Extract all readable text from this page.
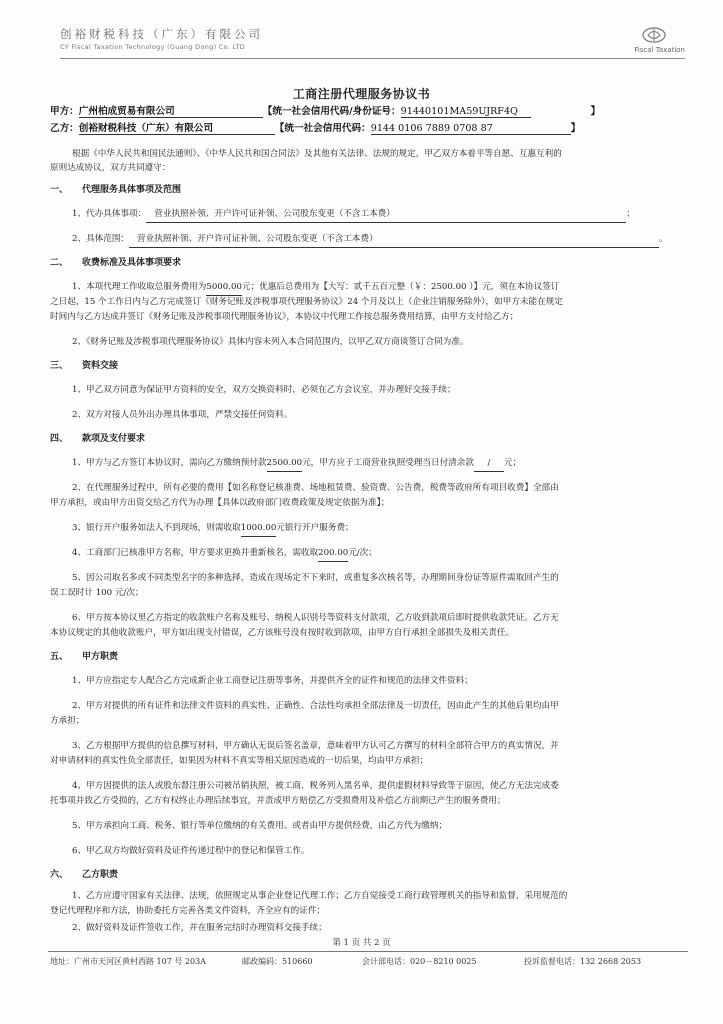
创裕财税科技（广东）有限公司
CY Fiscal Taxation Technology (Guang Dong) Co. LTD	Fiscal Taxation
工商注册代理服务协议书
甲方：广州柏成贸易有限公司	【统一社会信用代码/身份证号：91440101MA59UJRF4Q	】
乙方：创裕财税科技（广东）有限公司	【统一社会信用代码：9144 0106 7889 0708 87	】
根据《中华人民共和国民法通则》、《中华人民共和国合同法》及其他有关法律、法规的规定，甲乙双方本着平等自愿、互惠互利的
原则达成协议，双方共同遵守：
一、 代理服务具体事项及范围
1、代办具体事项： 营业执照补领、开户许可证补领、公司股东变更（不含工本费）	；
2、具体范围： 营业执照补领、开户许可证补领、公司股东变更（不含工本费）	。
二、 收费标准及具体事项要求
1、本项代理工作收取总服务费用为5000.00元；优惠后总费用为【大写：贰千五百元整（￥：2500.00 ）】元，须在本协议签订
之日起，15 个工作日内与乙方完成签订《财务记账及涉税事项代理服务协议》24 个月及以上（企业注销服务除外），如甲方未能在规定
时间内与乙方达成并签订《财务记账及涉税事项代理服务协议》，本协议中代理工作按总服务费用结算，由甲方支付给乙方；
2、《财务记账及涉税事项代理服务协议》具体内容未列入本合同范围内，以甲乙双方商谈签订合同为准。
三、 资料交接
1、甲乙双方同意为保证甲方资料的安全，双方交换资料时，必须在乙方会议室，并办理好交接手续；
2、双方对接人员外出办理具体事项，严禁交接任何资料。
四、 款项及支付要求
1、甲方与乙方签订本协议时，需向乙方缴纳预付款2500.00元，甲方应于工商营业执照受理当日付清余款 / 元；
2、在代理服务过程中，所有必要的费用【如名称登记核准费、场地租赁费、验资费、公告费，税费等政府所有项目收费】全部由
甲方承担，或由甲方出资交给乙方代为办理【具体以政府部门收费政策及规定依据为准】；
3、银行开户服务如法人不到现场，则需收取1000.00元银行开户服务费；
4、工商部门已核准甲方名称，甲方要求更换并重新核名，需收取200.00元/次；
5、因公司取名多或不同类型名字的多种选择，造成在现场定不下来时，或重复多次核名等，办理期间身份证等原件需取回产生的
误工误时计 100 元/次；
6、甲方按本协议里乙方指定的收款账户名称及账号、纳税人识别号等资料支付款项，乙方收到款项后即时提供收款凭证。乙方无
本协议规定的其他收款账户，甲方如出现支付错误，乙方该账号没有按时收到款项，由甲方自行承担全部损失及相关责任。
五、 甲方职责
1、甲方应指定专人配合乙方完成新企业工商登记注册等事务，并提供齐全的证件和规范的法律文件资料；
2、甲方对提供的所有证件和法律文件资料的真实性、正确性、合法性均承担全部法律及一切责任，因由此产生的其他后果均由甲
方承担；
3、乙方根据甲方提供的信息撰写材料，甲方确认无误后签名盖章，意味着甲方认可乙方撰写的材料全部符合甲方的真实情况，并
对申请材料的真实性负全部责任，如果因为材料不真实等相关原因造成的一切后果，均由甲方承担；
4、甲方因提供的法人或股东督注册公司被吊销执照，被工商、税务列入黑名单，提供虚假材料导致等于原因，使乙方无法完成委
托事项并致乙方受损的，乙方有权终止办理后续事宜，并责成甲方赔偿乙方受损费用及补偿乙方前期已产生的服务费用；
5、甲方承担向工商、税务、银行等单位缴纳的有关费用。或者由甲方提供经费，由乙方代为缴纳；
6、甲乙双方均做好资料及证件传递过程中的登记和保管工作。
六、 乙方职责
1、乙方应遵守国家有关法律、法规，依照规定从事企业登记代理工作；乙方自觉接受工商行政管理机关的指导和监督，采用规范的
登记代理程序和方法，协助委托方完善各类文件资料，齐全应有的证件；
2、做好资料及证件签收工作，并在服务完结时办理资料交接手续；
第 1 页 共 2 页
地址：广州市天河区黄村西路 107 号 203A	邮政编码：510660	会计部电话：020－8210 0025	投诉监督电话：132 2668 2053
